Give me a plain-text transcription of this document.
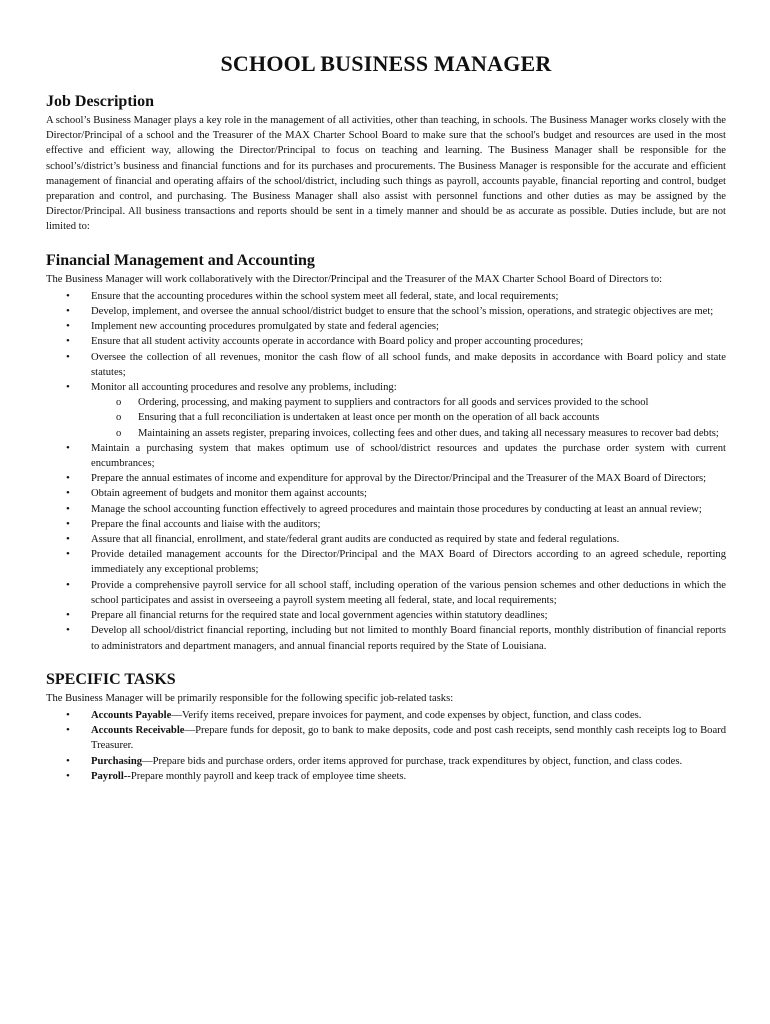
SCHOOL BUSINESS MANAGER
Job Description

A school’s Business Manager plays a key role in the management of all activities, other than teaching, in schools. The Business Manager works closely with the Director/Principal of a school and the Treasurer of the MAX Charter School Board to make sure that the school's budget and resources are used in the most effective and efficient way, allowing the Director/Principal to focus on teaching and learning. The Business Manager shall be responsible for the school’s/district’s business and financial functions and for its purchases and procurements. The Business Manager is responsible for the accurate and efficient management of financial and operating affairs of the school/district, including such things as payroll, accounts payable, financial reporting and control, budget preparation and control, and purchasing. The Business Manager shall also assist with personnel functions and other duties as may be assigned by the Director/Principal. All business transactions and reports should be sent in a timely manner and should be as accurate as possible. Duties include, but are not limited to:

Financial Management and Accounting

The Business Manager will work collaboratively with the Director/Principal and the Treasurer of the MAX Charter School Board of Directors to:

• Ensure that the accounting procedures within the school system meet all federal, state, and local requirements;
• Develop, implement, and oversee the annual school/district budget to ensure that the school’s mission, operations, and strategic objectives are met;
• Implement new accounting procedures promulgated by state and federal agencies;
• Ensure that all student activity accounts operate in accordance with Board policy and proper accounting procedures;
• Oversee the collection of all revenues, monitor the cash flow of all school funds, and make deposits in accordance with Board policy and state statutes;
• Monitor all accounting procedures and resolve any problems, including:
o Ordering, processing, and making payment to suppliers and contractors for all goods and services provided to the school
o Ensuring that a full reconciliation is undertaken at least once per month on the operation of all back accounts
o Maintaining an assets register, preparing invoices, collecting fees and other dues, and taking all necessary measures to recover bad debts;
• Maintain a purchasing system that makes optimum use of school/district resources and updates the purchase order system with current encumbrances;
• Prepare the annual estimates of income and expenditure for approval by the Director/Principal and the Treasurer of the MAX Board of Directors;
• Obtain agreement of budgets and monitor them against accounts;
• Manage the school accounting function effectively to agreed procedures and maintain those procedures by conducting at least an annual review;
• Prepare the final accounts and liaise with the auditors;
• Assure that all financial, enrollment, and state/federal grant audits are conducted as required by state and federal regulations.
• Provide detailed management accounts for the Director/Principal and the MAX Board of Directors according to an agreed schedule, reporting immediately any exceptional problems;
• Provide a comprehensive payroll service for all school staff, including operation of the various pension schemes and other deductions in which the school participates and assist in overseeing a payroll system meeting all federal, state, and local requirements;
• Prepare all financial returns for the required state and local government agencies within statutory deadlines;
• Develop all school/district financial reporting, including but not limited to monthly Board financial reports, monthly distribution of financial reports to administrators and department managers, and annual financial reports required by the State of Louisiana.
SPECIFIC TASKS

The Business Manager will be primarily responsible for the following specific job-related tasks:

• Accounts Payable—Verify items received, prepare invoices for payment, and code expenses by object, function, and class codes.
• Accounts Receivable—Prepare funds for deposit, go to bank to make deposits, code and post cash receipts, send monthly cash receipts log to Board Treasurer.
• Purchasing—Prepare bids and purchase orders, order items approved for purchase, track expenditures by object, function, and class codes.
• Payroll--Prepare monthly payroll and keep track of employee time sheets.
